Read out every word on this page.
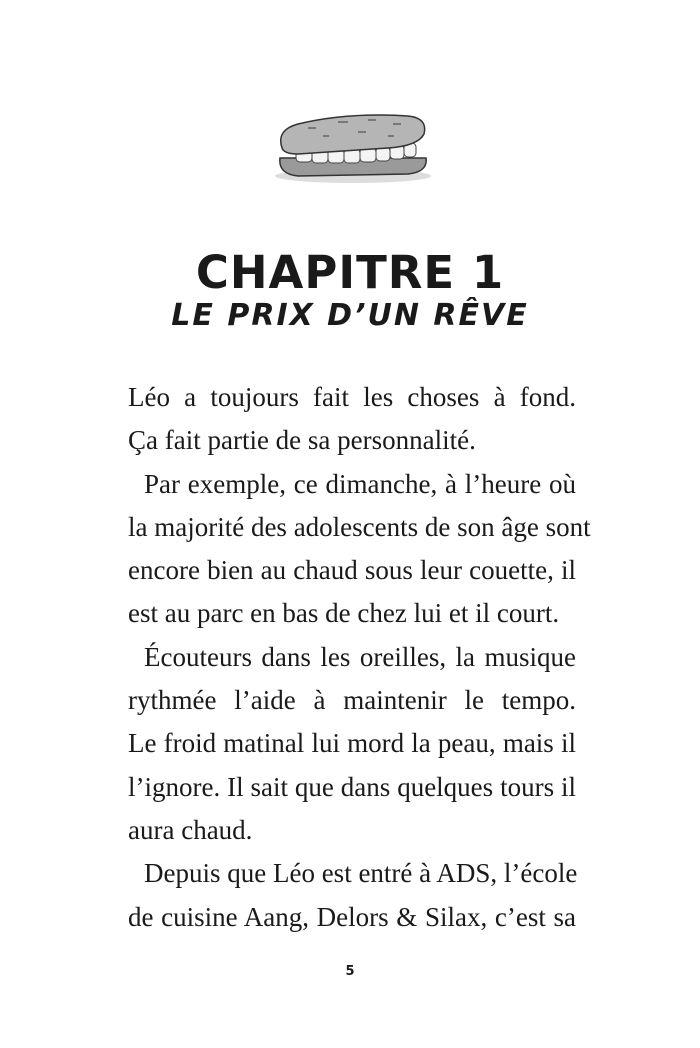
CHAPITRE 1
LE PRIX D’UN RÊVE
Léo a toujours fait les choses à fond.
Ça fait partie de sa personnalité.
Par exemple, ce dimanche, à l’heure où
la majorité des adolescents de son âge sont
encore bien au chaud sous leur couette, il
est au parc en bas de chez lui et il court.
Écouteurs dans les oreilles, la musique
rythmée l’aide à maintenir le tempo.
Le froid matinal lui mord la peau, mais il
l’ignore. Il sait que dans quelques tours il
aura chaud.
Depuis que Léo est entré à ADS, l’école
de cuisine Aang, Delors & Silax, c’est sa
5
